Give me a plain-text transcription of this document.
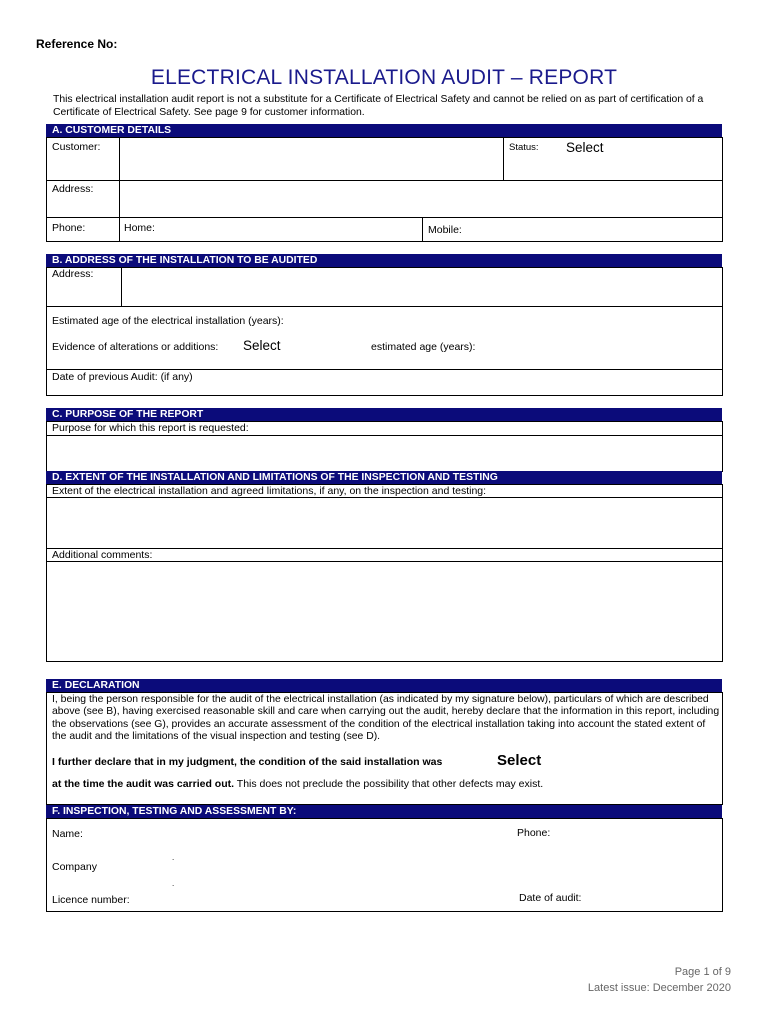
Reference No:
ELECTRICAL INSTALLATION AUDIT – REPORT
This electrical installation audit report is not a substitute for a Certificate of Electrical Safety and cannot be relied on as part of certification of a Certificate of Electrical Safety. See page 9 for customer information.
A. CUSTOMER DETAILS
Customer:	Status: Select
Address:
Phone:	Home:	Mobile:
B. ADDRESS OF THE INSTALLATION TO BE AUDITED
Address:
Estimated age of the electrical installation (years):
Evidence of alterations or additions: Select	estimated age (years):
Date of previous Audit: (if any)
C. PURPOSE OF THE REPORT
Purpose for which this report is requested:
D. EXTENT OF THE INSTALLATION AND LIMITATIONS OF THE INSPECTION AND TESTING
Extent of the electrical installation and agreed limitations, if any, on the inspection and testing:
Additional comments:
E. DECLARATION
I, being the person responsible for the audit of the electrical installation (as indicated by my signature below), particulars of which are described above (see B), having exercised reasonable skill and care when carrying out the audit, hereby declare that the information in this report, including the observations (see G), provides an accurate assessment of the condition of the electrical installation taking into account the stated extent of the audit and the limitations of the visual inspection and testing (see D).
I further declare that in my judgment, the condition of the said installation was	Select
at the time the audit was carried out. This does not preclude the possibility that other defects may exist.
F. INSPECTION, TESTING AND ASSESSMENT BY:
Name:	Phone:
Company
.
.
Licence number:	Date of audit:
Page 1 of 9
Latest issue: December 2020
